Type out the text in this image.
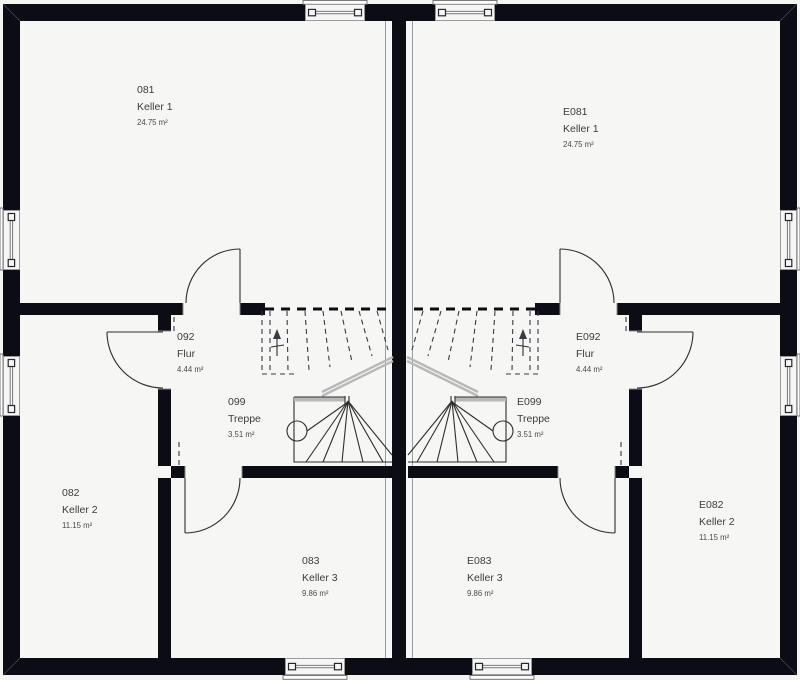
081
Keller 1
24.75 m²
E081
Keller 1
24.75 m²
092
Flur
4.44 m²
E092
Flur
4.44 m²
099
Treppe
3.51 m²
E099
Treppe
3.51 m²
082
Keller 2
11.15 m²
E082
Keller 2
11.15 m²
083
Keller 3
9.86 m²
E083
Keller 3
9.86 m²
